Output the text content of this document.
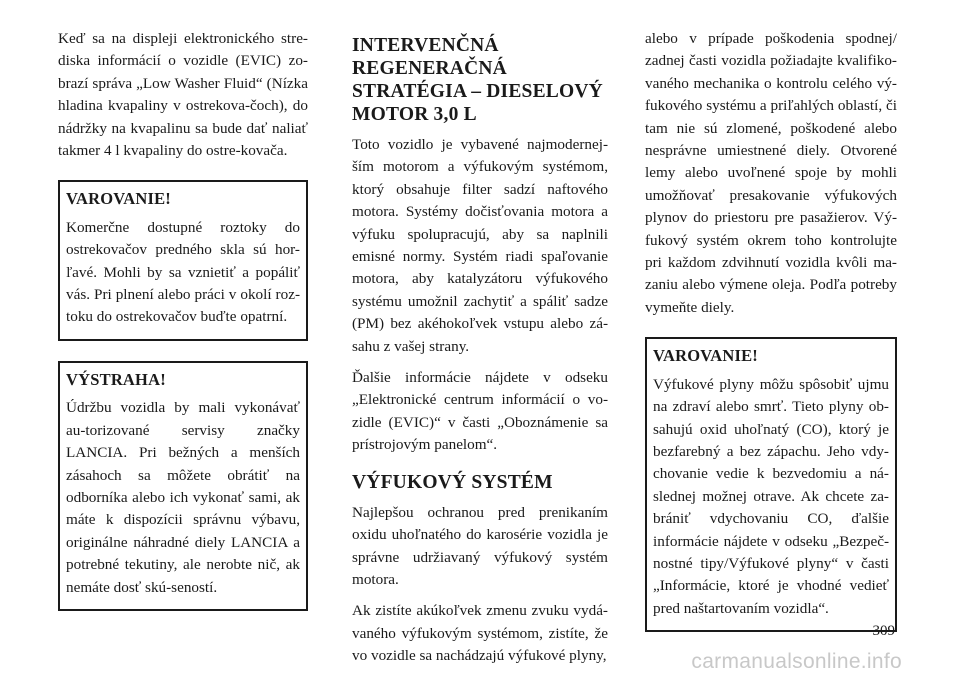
Keď sa na displeji elektronického stre-diska informácií o vozidle (EVIC) zo-brazí správa „Low Washer Fluid“ (Nízka hladina kvapaliny v ostrekova-čoch), do nádržky na kvapalinu sa bude dať naliať takmer 4 l kvapaliny do ostre-kovača.

VAROVANIE!

Komerčne dostupné roztoky do ostrekovačov predného skla sú hor-ľavé. Mohli by sa vznietiť a popáliť vás. Pri plnení alebo práci v okolí roz-toku do ostrekovačov buďte opatrní.

VÝSTRAHA!

Údržbu vozidla by mali vykonávať au-torizované servisy značky LANCIA. Pri bežných a menších zásahoch sa môžete obrátiť na odborníka alebo ich vykonať sami, ak máte k dispozícii správnu výbavu, originálne náhradné diely LANCIA a potrebné tekutiny, ale nerobte nič, ak nemáte dosť skú-seností.

INTERVENČNÁ REGENERAČNÁ STRATÉGIA – DIESELOVÝ MOTOR 3,0 L

Toto vozidlo je vybavené najmodernej-ším motorom a výfukovým systémom, ktorý obsahuje filter sadzí naftového motora. Systémy dočisťovania motora a výfuku spolupracujú, aby sa naplnili emisné normy. Systém riadi spaľovanie motora, aby katalyzátoru výfukového systému umožnil zachytiť a spáliť sadze (PM) bez akéhokoľvek vstupu alebo zá-sahu z vašej strany.

Ďalšie informácie nájdete v odseku „Elektronické centrum informácií o vo-zidle (EVIC)“ v časti „Oboznámenie sa prístrojovým panelom“.

VÝFUKOVÝ SYSTÉM

Najlepšou ochranou pred prenikaním oxidu uhoľnatého do karosérie vozidla je správne udržiavaný výfukový systém motora.

Ak zistíte akúkoľvek zmenu zvuku vydá-vaného výfukovým systémom, zistíte, že vo vozidle sa nachádzajú výfukové plyny,

alebo v prípade poškodenia spodnej/ zadnej časti vozidla požiadajte kvalifiko-vaného mechanika o kontrolu celého vý-fukového systému a priľahlých oblastí, či tam nie sú zlomené, poškodené alebo nesprávne umiestnené diely. Otvorené lemy alebo uvoľnené spoje by mohli umožňovať presakovanie výfukových plynov do priestoru pre pasažierov. Vý-fukový systém okrem toho kontrolujte pri každom zdvihnutí vozidla kvôli ma-zaniu alebo výmene oleja. Podľa potreby vymeňte diely.

VAROVANIE!

Výfukové plyny môžu spôsobiť ujmu na zdraví alebo smrť. Tieto plyny ob-sahujú oxid uhoľnatý (CO), ktorý je bezfarebný a bez zápachu. Jeho vdy-chovanie vedie k bezvedomiu a ná-slednej možnej otrave. Ak chcete za-brániť vdychovaniu CO, ďalšie informácie nájdete v odseku „Bezpeč-nostné tipy/Výfukové plyny“ v časti „Informácie, ktoré je vhodné vedieť pred naštartovaním vozidla“.

309
carmanualsonline.info
